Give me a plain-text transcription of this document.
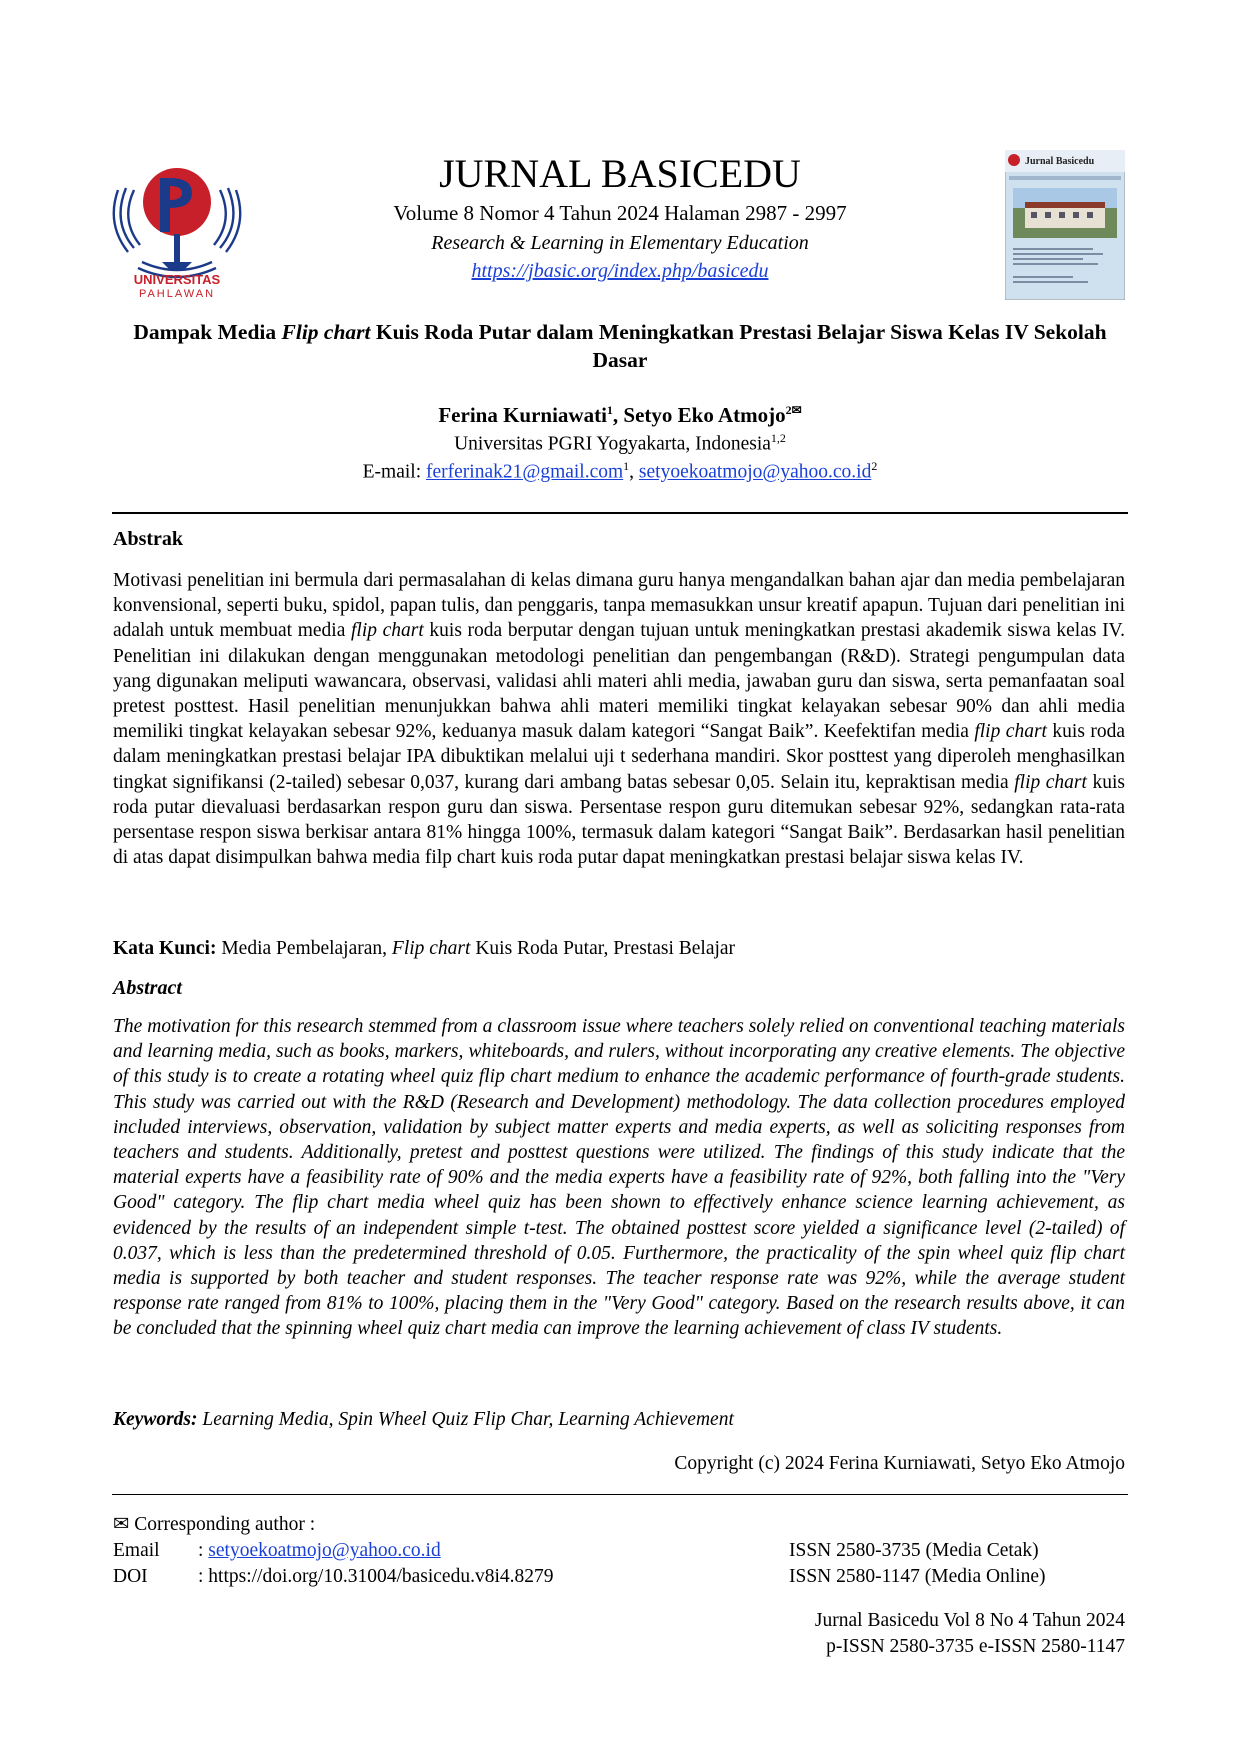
UNIVERSITAS
PAHLAWAN
Jurnal Basicedu
JURNAL BASICEDU
Volume 8 Nomor 4 Tahun 2024 Halaman 2987 - 2997
Research & Learning in Elementary Education
https://jbasic.org/index.php/basicedu
Dampak Media Flip chart Kuis Roda Putar dalam Meningkatkan Prestasi Belajar Siswa Kelas IV Sekolah Dasar
Ferina Kurniawati$^1$, Setyo Eko Atmojo$^{2✉}$
Universitas PGRI Yogyakarta, Indonesia$^{1,2}$
E-mail: ferferinak21@gmail.com$^1$, $setyoekoatmojo@yahoo.co.id^2$
Abstrak
Motivasi penelitian ini bermula dari permasalahan di kelas dimana guru hanya mengandalkan bahan ajar dan media pembelajaran konvensional, seperti buku, spidol, papan tulis, dan penggaris, tanpa memasukkan unsur kreatif apapun. Tujuan dari penelitian ini adalah untuk membuat media flip chart kuis roda berputar dengan tujuan untuk meningkatkan prestasi akademik siswa kelas IV. Penelitian ini dilakukan dengan menggunakan metodologi penelitian dan pengembangan (R&D). Strategi pengumpulan data yang digunakan meliputi wawancara, observasi, validasi ahli materi ahli media, jawaban guru dan siswa, serta pemanfaatan soal pretest posttest. Hasil penelitian menunjukkan bahwa ahli materi memiliki tingkat kelayakan sebesar 90% dan ahli media memiliki tingkat kelayakan sebesar 92%, keduanya masuk dalam kategori “Sangat Baik”. Keefektifan media flip chart kuis roda dalam meningkatkan prestasi belajar IPA dibuktikan melalui uji t sederhana mandiri. Skor posttest yang diperoleh menghasilkan tingkat signifikansi (2-tailed) sebesar 0,037, kurang dari ambang batas sebesar 0,05. Selain itu, kepraktisan media flip chart kuis roda putar dievaluasi berdasarkan respon guru dan siswa. Persentase respon guru ditemukan sebesar 92%, sedangkan rata-rata persentase respon siswa berkisar antara 81% hingga 100%, termasuk dalam kategori “Sangat Baik”. Berdasarkan hasil penelitian di atas dapat disimpulkan bahwa media filp chart kuis roda putar dapat meningkatkan prestasi belajar siswa kelas IV.
Kata Kunci: Media Pembelajaran, Flip chart Kuis Roda Putar, Prestasi Belajar
Abstract
The motivation for this research stemmed from a classroom issue where teachers solely relied on conventional teaching materials and learning media, such as books, markers, whiteboards, and rulers, without incorporating any creative elements. The objective of this study is to create a rotating wheel quiz flip chart medium to enhance the academic performance of fourth-grade students. This study was carried out with the R&D (Research and Development) methodology. The data collection procedures employed included interviews, observation, validation by subject matter experts and media experts, as well as soliciting responses from teachers and students. Additionally, pretest and posttest questions were utilized. The findings of this study indicate that the material experts have a feasibility rate of 90% and the media experts have a feasibility rate of 92%, both falling into the "Very Good" category. The flip chart media wheel quiz has been shown to effectively enhance science learning achievement, as evidenced by the results of an independent simple t-test. The obtained posttest score yielded a significance level (2-tailed) of 0.037, which is less than the predetermined threshold of 0.05. Furthermore, the practicality of the spin wheel quiz flip chart media is supported by both teacher and student responses. The teacher response rate was 92%, while the average student response rate ranged from 81% to 100%, placing them in the "Very Good" category. Based on the research results above, it can be concluded that the spinning wheel quiz chart media can improve the learning achievement of class IV students.
Keywords: Learning Media, Spin Wheel Quiz Flip Char, Learning Achievement
Copyright (c) 2024 Ferina Kurniawati, Setyo Eko Atmojo
✉ Corresponding author :
Email : setyoekoatmojo@yahoo.co.id	ISSN 2580-3735 (Media Cetak)
DOI	: https://doi.org/10.31004/basicedu.v8i4.8279	ISSN 2580-1147 (Media Online)
Jurnal Basicedu Vol 8 No 4 Tahun 2024
p-ISSN 2580-3735 e-ISSN 2580-1147
